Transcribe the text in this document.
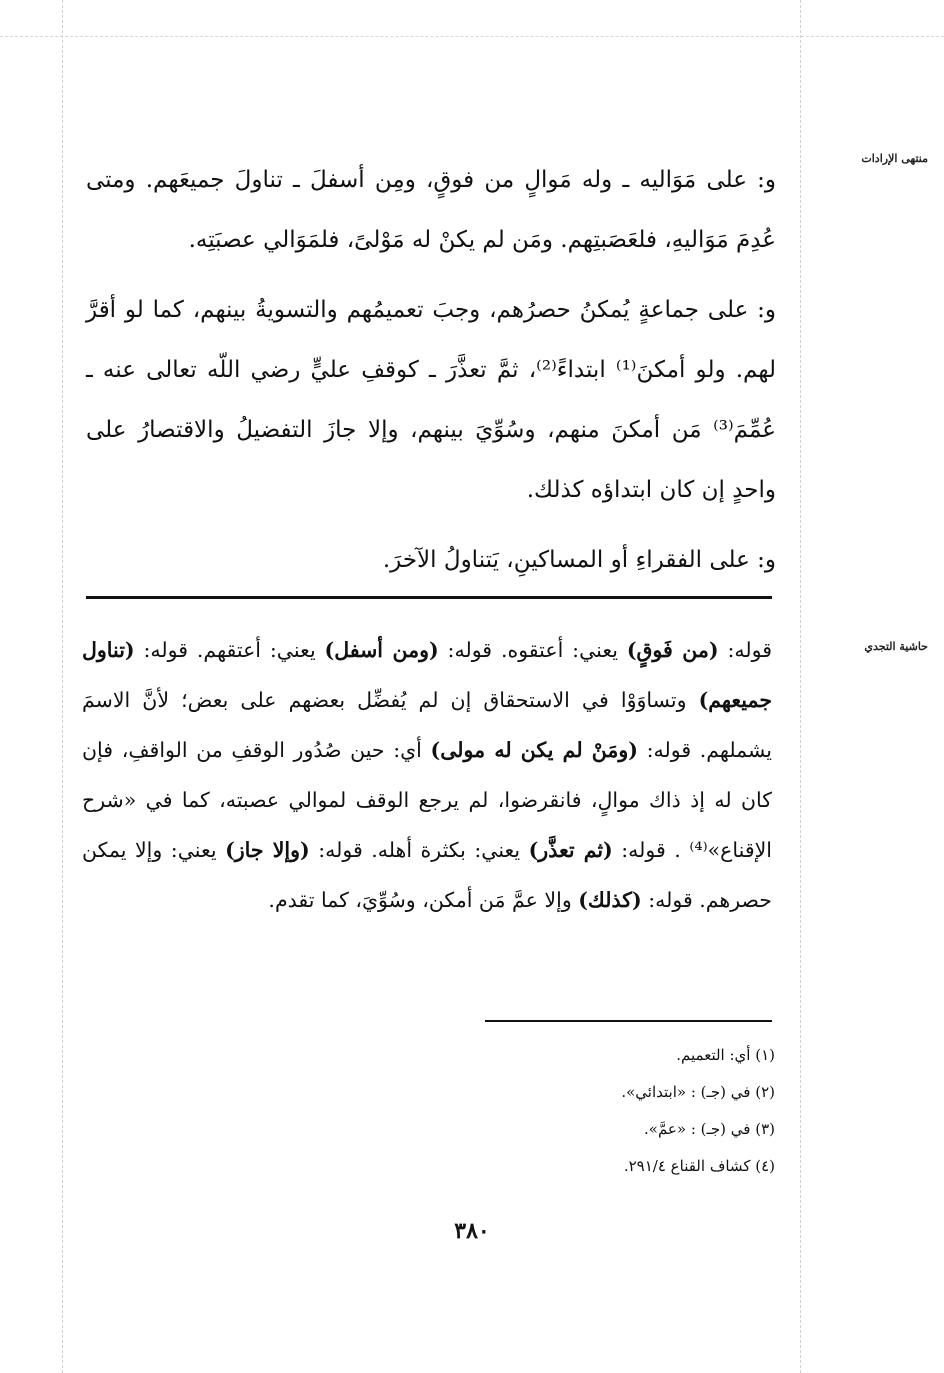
منتهى الإرادات
حاشية التجدي

و: على مَوَاليه ـ وله مَوالٍ من فوقٍ، ومِن أسفلَ ـ تناولَ جميعَهم. ومتى عُدِمَ مَوَاليهِ، فلعَصَبتِهم. ومَن لم يكنْ له مَوْلىً، فلمَوَالي عصبَتِه.

و: على جماعةٍ يُمكنُ حصرُهم، وجبَ تعميمُهم والتسويةُ بينهم، كما لو أقرَّ لهم. ولو أمكنَ⁽¹⁾ ابتداءً⁽²⁾، ثمَّ تعذَّرَ ـ كوقفِ عليٍّ رضي اللّه تعالى عنه ـ عُمِّمَ⁽³⁾ مَن أمكنَ منهم، وسُوِّيَ بينهم، وإلا جازَ التفضيلُ والاقتصارُ على واحدٍ إن كان ابتداؤه كذلك.

و: على الفقراءِ أو المساكينِ، يَتناولُ الآخرَ.

قوله: (من فَوقٍ) يعني: أعتقوه. قوله: (ومن أسفل) يعني: أعتقهم. قوله: (تناول جميعهم) وتساوَوْا في الاستحقاق إن لم يُفضِّل بعضهم على بعض؛ لأنَّ الاسمَ يشملهم. قوله: (ومَنْ لم يكن له مولى) أي: حين صُدُور الوقفِ من الواقفِ، فإن كان له إذ ذاك موالٍ، فانقرضوا، لم يرجع الوقف لموالي عصبته، كما في «شرح الإقناع»⁽⁴⁾ . قوله: (ثم تعذَّر) يعني: بكثرة أهله. قوله: (وإلا جاز) يعني: وإلا يمكن حصرهم. قوله: (كذلك) وإلا عمَّ مَن أمكن، وسُوِّيَ، كما تقدم.
(١) أي: التعميم.
(٢) في (جـ) : «ابتدائي».
(٣) في (جـ) : «عمَّ».
(٤) كشاف القناع ٢٩١/٤.
٣٨٠
